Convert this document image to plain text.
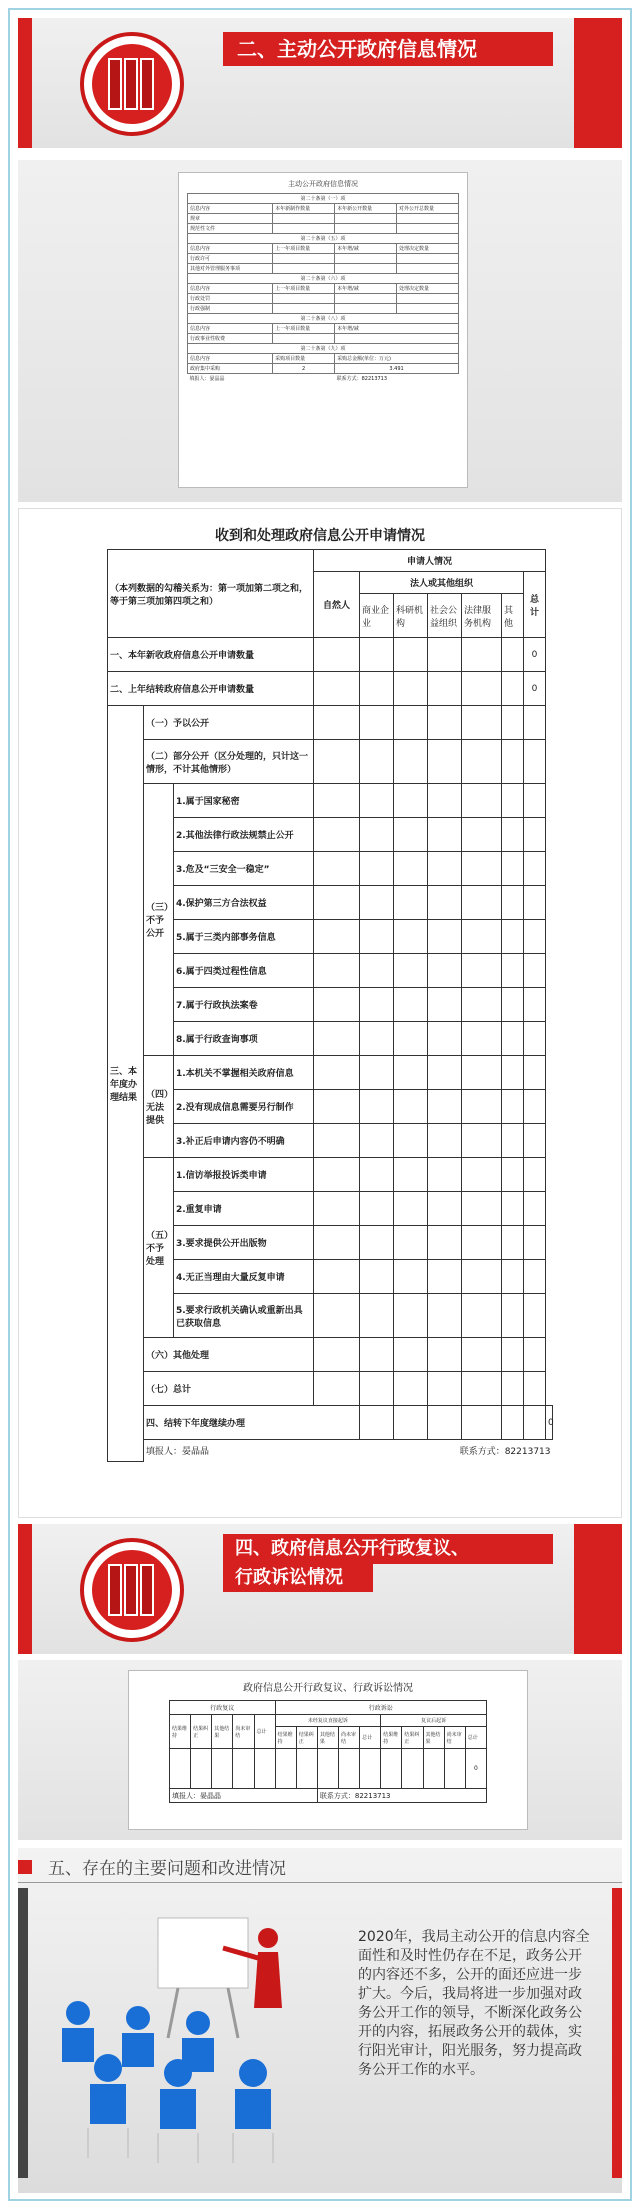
二、主动公开政府信息情况
主动公开政府信息情况
第二十条第（一）项			
信息内容	本年新制作数量	本年新公开数量	对外公开总数量
规章			
规范性文件			
第二十条第（五）项			
信息内容	上一年项目数量	本年增/减	处理决定数量
行政许可			
其他对外管理服务事项			
第二十条第（六）项			
信息内容	上一年项目数量	本年增/减	处理决定数量
行政处罚			
行政强制			
第二十条第（八）项			
信息内容	上一年项目数量	本年增/减	
行政事业性收费			
第二十条第（九）项			
信息内容	采购项目数量	采购总金额(单位：万元)	
政府集中采购	2	3.491	
填报人：晏晶晶		联系方式：82213713	
收到和处理政府信息公开申请情况
（本列数据的勾稽关系为：第一项加第二项之和，等于第三项加第四项之和）			申请人情况							
			自然人	法人或其他组织					总计	
				商业企业	科研机构	社会公益组织	法律服务机构	其他		
一、本年新收政府信息公开申请数量									0	
二、上年结转政府信息公开申请数量									0	
三、本年度办理结果	（一）予以公开									
	（二）部分公开（区分处理的，只计这一情形，不计其他情形）									
	（三）不予公开	1.属于国家秘密								
		2.其他法律行政法规禁止公开								
		3.危及“三安全一稳定”								
		4.保护第三方合法权益								
		5.属于三类内部事务信息								
		6.属于四类过程性信息								
		7.属于行政执法案卷								
		8.属于行政查询事项								
	（四）无法提供	1.本机关不掌握相关政府信息								
		2.没有现成信息需要另行制作								
		3.补正后申请内容仍不明确								
	（五）不予处理	1.信访举报投诉类申请								
		2.重复申请								
		3.要求提供公开出版物								
		4.无正当理由大量反复申请								
		5.要求行政机关确认或重新出具已获取信息								
	（六）其他处理									
	（七）总计									
	四、结转下年度继续办理									0
	填报人：晏晶晶				联系方式：82213713					
四、政府信息公开行政复议、
行政诉讼情况
政府信息公开行政复议、行政诉讼情况
行政复议					行政诉讼									
结果维持	结果纠正	其他结果	尚未审结	总计	未经复议直接起诉					复议后起诉				
					结果维持	结果纠正	其他结果	尚未审结	总计	结果维持	结果纠正	其他结果	尚未审结	总计
														0
填报人：晏晶晶							联系方式：82213713							
五、存在的主要问题和改进情况
2020年，我局主动公开的信息内容全面性和及时性仍存在不足，政务公开的内容还不多，公开的面还应进一步扩大。今后，我局将进一步加强对政务公开工作的领导，不断深化政务公开的内容，拓展政务公开的载体，实行阳光审计，阳光服务，努力提高政务公开工作的水平。
